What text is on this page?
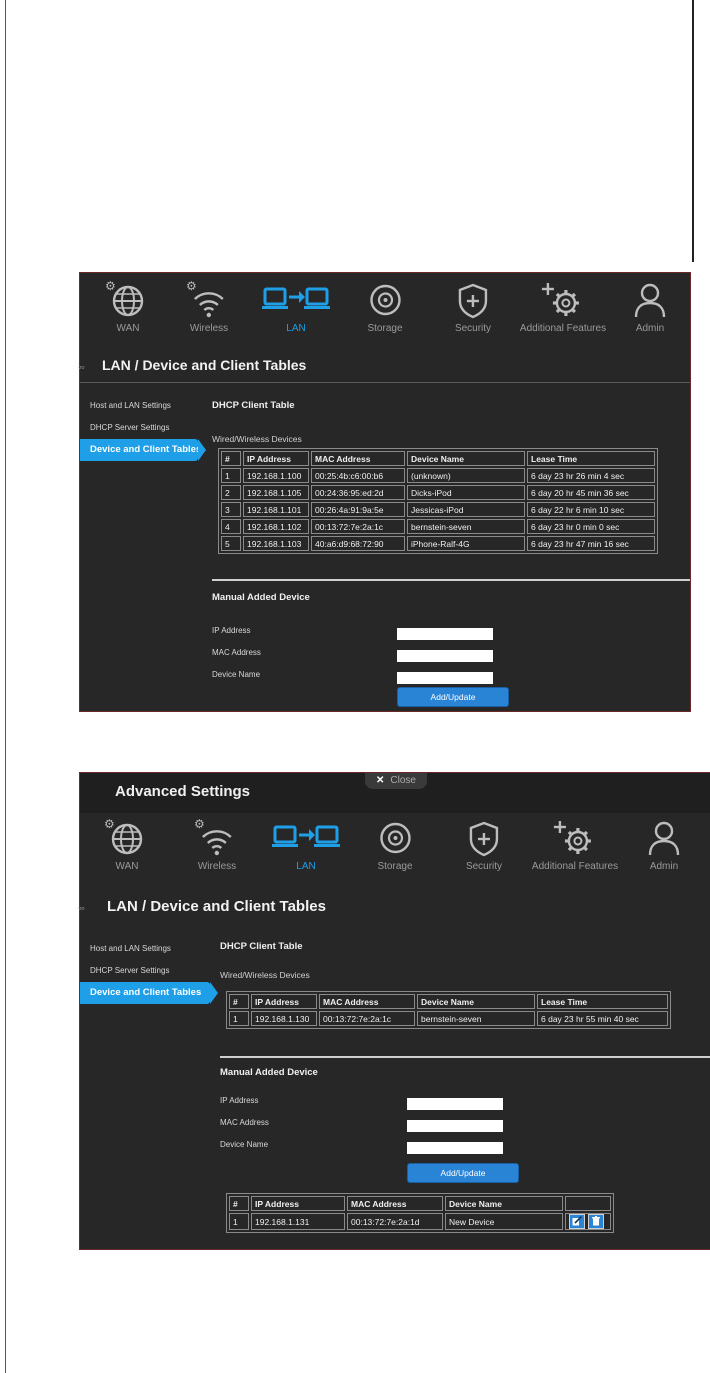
⚙
WAN
⚙
Wireless	LAN	Storage	Security	Additional Features	Admin
▫▫ LAN / Device and Client Tables
Host and LAN Settings
DHCP Server Settings
Device and Client Tables
DHCP Client Table
Wired/Wireless Devices
#	IP Address	MAC Address	Device Name	Lease Time
1	192.168.1.100	00:25:4b:c6:00:b6	(unknown)	6 day 23 hr 26 min 4 sec
2	192.168.1.105	00:24:36:95:ed:2d	Dicks-iPod	6 day 20 hr 45 min 36 sec
3	192.168.1.101	00:26:4a:91:9a:5e	Jessicas-iPod	6 day 22 hr 6 min 10 sec
4	192.168.1.102	00:13:72:7e:2a:1c	bernstein-seven	6 day 23 hr 0 min 0 sec
5	192.168.1.103	40:a6:d9:68:72:90	iPhone-Ralf-4G	6 day 23 hr 47 min 16 sec
Manual Added Device
IP Address
MAC Address
Device Name
Add/Update
Advanced Settings
✕ Close
⚙
WAN
⚙
Wireless	LAN	Storage	Security	Additional Features	Admin
▫▫ LAN / Device and Client Tables
Host and LAN Settings
DHCP Server Settings
Device and Client Tables
DHCP Client Table
Wired/Wireless Devices
#	IP Address	MAC Address	Device Name	Lease Time
1	192.168.1.130	00:13:72:7e:2a:1c	bernstein-seven	6 day 23 hr 55 min 40 sec
Manual Added Device
IP Address
MAC Address
Device Name
Add/Update
#	IP Address	MAC Address	Device Name	
1	192.168.1.131	00:13:72:7e:2a:1d	New Device	
